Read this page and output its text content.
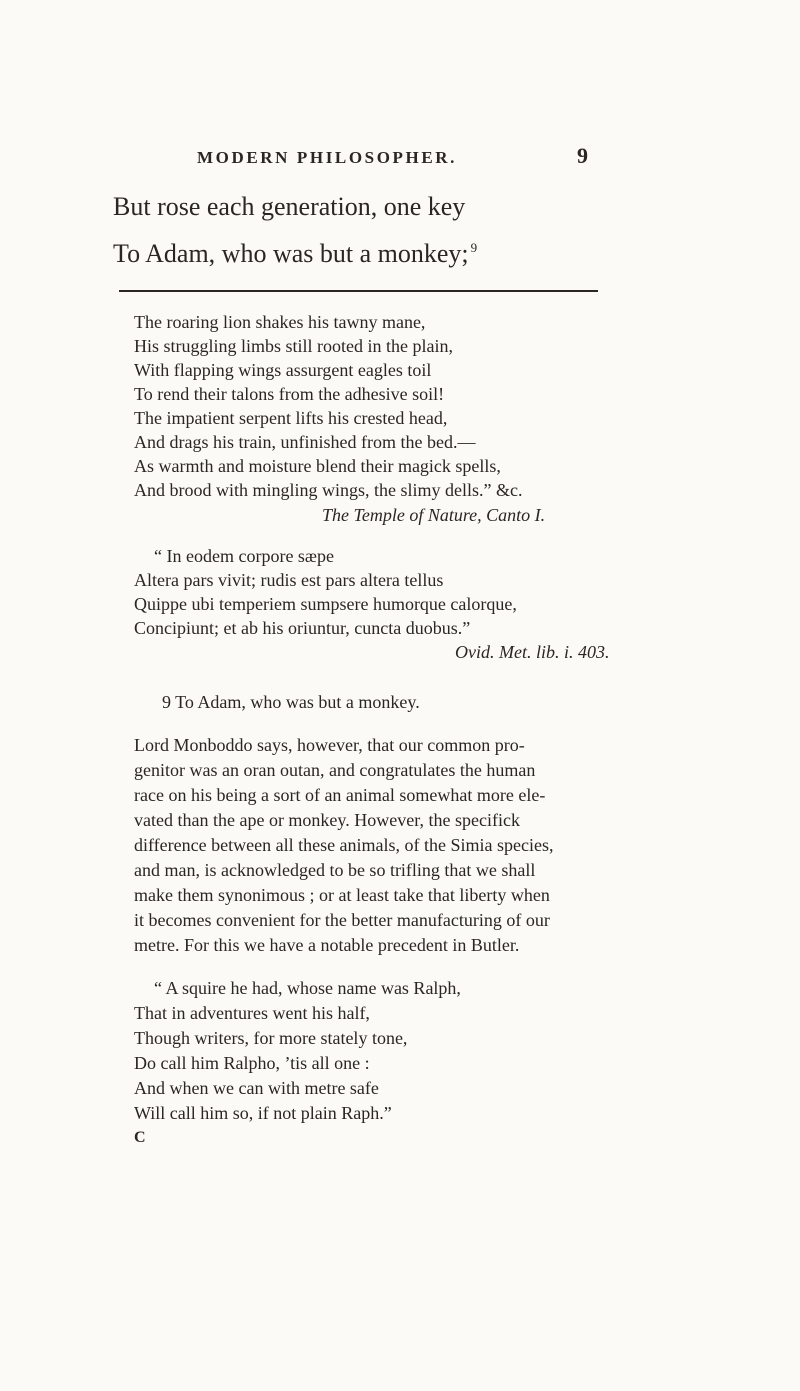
MODERN PHILOSOPHER.	9
But rose each generation, one key
To Adam, who was but a monkey; $^9$
The roaring lion shakes his tawny mane,
His struggling limbs still rooted in the plain,
With flapping wings assurgent eagles toil
To rend their talons from the adhesive soil!
The impatient serpent lifts his crested head,
And drags his train, unfinished from the bed.—
As warmth and moisture blend their magick spells,
And brood with mingling wings, the slimy dells.” &c.
The Temple of Nature, Canto I.
“ In eodem corpore sæpe
Altera pars vivit; rudis est pars altera tellus
Quippe ubi temperiem sumpsere humorque calorque,
Concipiunt; et ab his oriuntur, cuncta duobus.”
Ovid. Met. lib. i. 403.
9 To Adam, who was but a monkey.
Lord Monboddo says, however, that our common pro-
genitor was an oran outan, and congratulates the human
race on his being a sort of an animal somewhat more ele-
vated than the ape or monkey. However, the specifick
difference between all these animals, of the Simia species,
and man, is acknowledged to be so trifling that we shall
make them synonimous ; or at least take that liberty when
it becomes convenient for the better manufacturing of our
metre. For this we have a notable precedent in Butler.
“ A squire he had, whose name was Ralph,
That in adventures went his half,
Though writers, for more stately tone,
Do call him Ralpho, ’tis all one :
And when we can with metre safe
Will call him so, if not plain Raph.”
C
